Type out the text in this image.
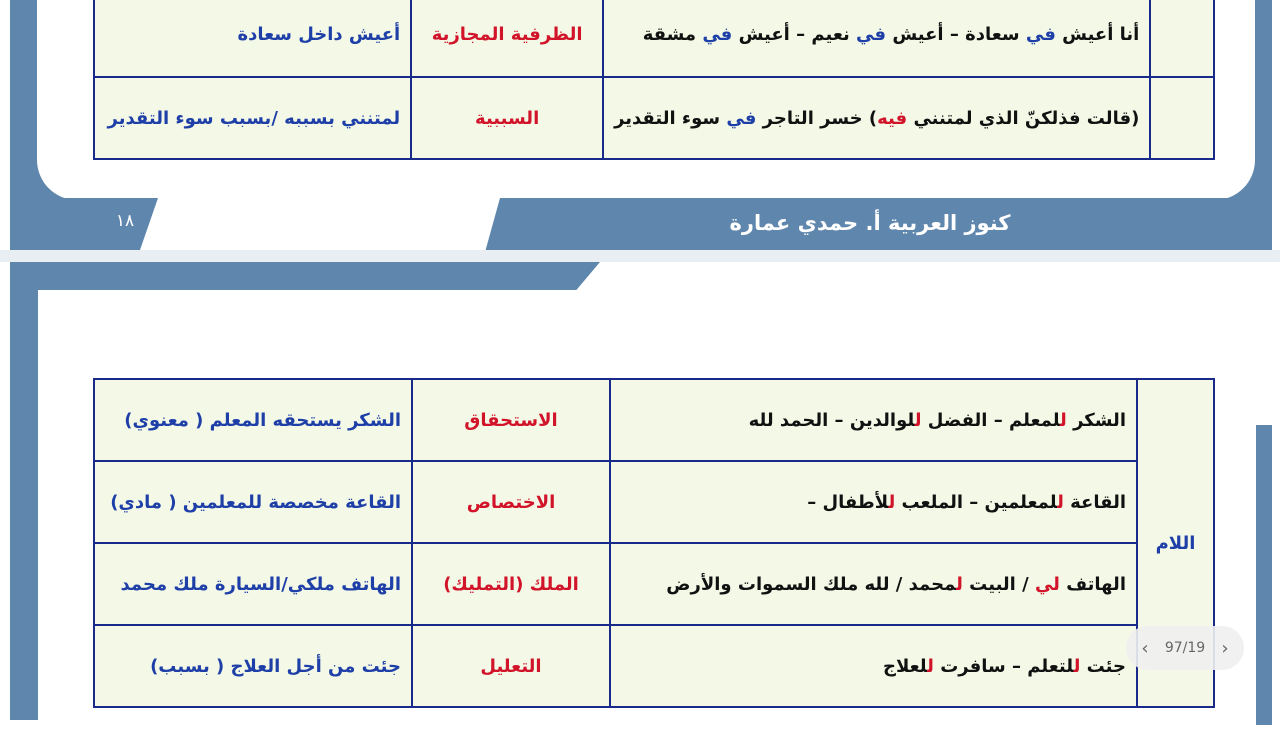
	أنا أعيش في سعادة – أعيش في نعيم – أعيش في مشقة	الظرفية المجازية	أعيش داخل سعادة
	(قالت فذلكنّ الذي لمتنني فيه) خسر التاجر في سوء التقدير	السببية	لمتنني بسببه /بسبب سوء التقدير
كنوز العربية أ. حمدي عمارة
١٨
اللام	الشكر للمعلم – الفضل للوالدين – الحمد لله	الاستحقاق	الشكر يستحقه المعلم ( معنوي)
	القاعة للمعلمين – الملعب للأطفال –	الاختصاص	القاعة مخصصة للمعلمين ( مادي)
	الهاتف لي / البيت لمحمد / لله ملك السموات والأرض	الملك (التمليك)	الهاتف ملكي/السيارة ملك محمد
	جئت للتعلم – سافرت للعلاج	التعليل	جئت من أجل العلاج ( بسبب)
‹	97/19 ›
